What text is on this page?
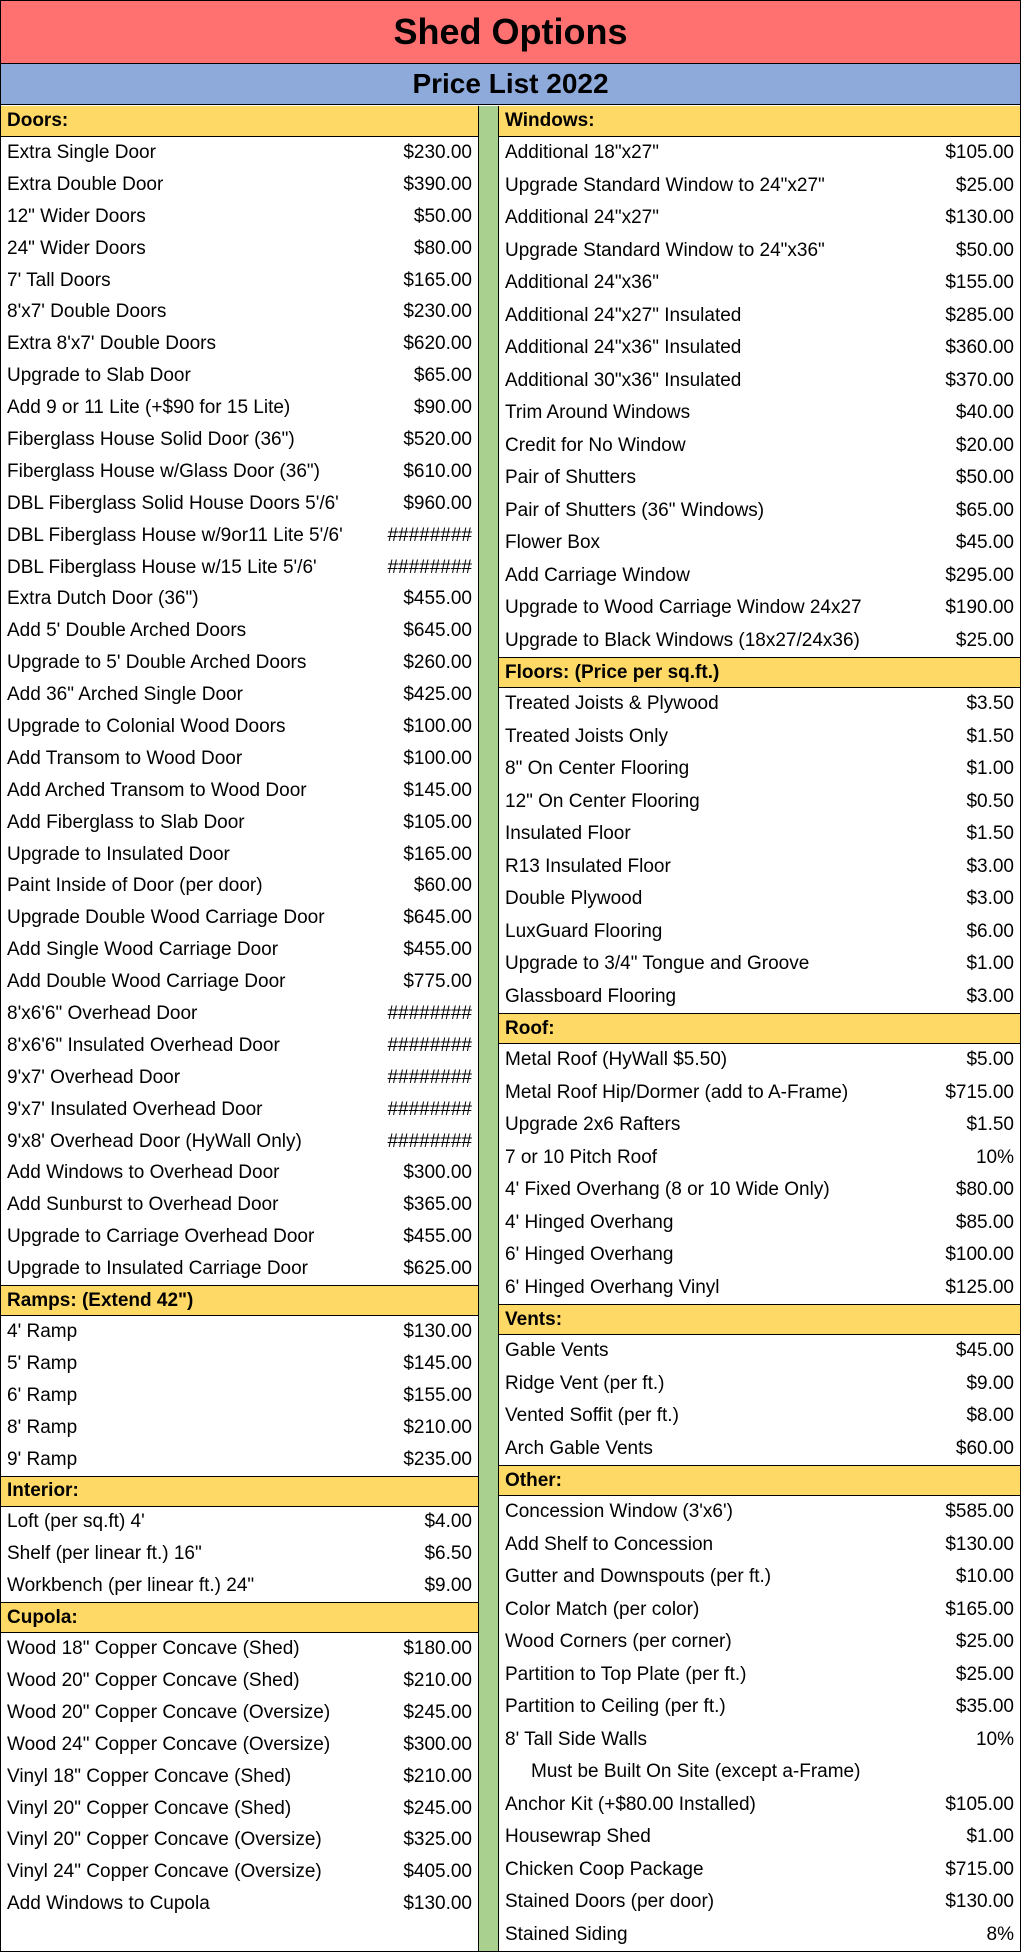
Shed Options
Price List 2022
Doors:
Extra Single Door	$230.00
Extra Double Door	$390.00
12" Wider Doors	$50.00
24" Wider Doors	$80.00
7' Tall Doors	$165.00
8'x7' Double Doors	$230.00
Extra 8'x7' Double Doors	$620.00
Upgrade to Slab Door	$65.00
Add 9 or 11 Lite (+$90 for 15 Lite)	$90.00
Fiberglass House Solid Door (36")	$520.00
Fiberglass House w/Glass Door (36")	$610.00
DBL Fiberglass Solid House Doors 5'/6'	$960.00
DBL Fiberglass House w/9or11 Lite 5'/6' ########
DBL Fiberglass House w/15 Lite 5'/6'	########
Extra Dutch Door (36")	$455.00
Add 5' Double Arched Doors	$645.00
Upgrade to 5' Double Arched Doors	$260.00
Add 36" Arched Single Door	$425.00
Upgrade to Colonial Wood Doors	$100.00
Add Transom to Wood Door	$100.00
Add Arched Transom to Wood Door	$145.00
Add Fiberglass to Slab Door	$105.00
Upgrade to Insulated Door	$165.00
Paint Inside of Door (per door)	$60.00
Upgrade Double Wood Carriage Door	$645.00
Add Single Wood Carriage Door	$455.00
Add Double Wood Carriage Door	$775.00
8'x6'6" Overhead Door	########
8'x6'6" Insulated Overhead Door	########
9'x7' Overhead Door	########
9'x7' Insulated Overhead Door	########
9'x8' Overhead Door (HyWall Only)	########
Add Windows to Overhead Door	$300.00
Add Sunburst to Overhead Door	$365.00
Upgrade to Carriage Overhead Door	$455.00
Upgrade to Insulated Carriage Door	$625.00
Ramps: (Extend 42")
4' Ramp	$130.00
5' Ramp	$145.00
6' Ramp	$155.00
8' Ramp	$210.00
9' Ramp	$235.00
Interior:
Loft (per sq.ft) 4'	$4.00
Shelf (per linear ft.) 16"	$6.50
Workbench (per linear ft.) 24"	$9.00
Cupola:
Wood 18" Copper Concave (Shed)	$180.00
Wood 20" Copper Concave (Shed)	$210.00
Wood 20" Copper Concave (Oversize)	$245.00
Wood 24" Copper Concave (Oversize)	$300.00
Vinyl 18" Copper Concave (Shed)	$210.00
Vinyl 20" Copper Concave (Shed)	$245.00
Vinyl 20" Copper Concave (Oversize)	$325.00
Vinyl 24" Copper Concave (Oversize)	$405.00
Add Windows to Cupola	$130.00
Windows:
Additional 18"x27"	$105.00
Upgrade Standard Window to 24"x27"	$25.00
Additional 24"x27"	$130.00
Upgrade Standard Window to 24"x36"	$50.00
Additional 24"x36"	$155.00
Additional 24"x27" Insulated	$285.00
Additional 24"x36" Insulated	$360.00
Additional 30"x36" Insulated	$370.00
Trim Around Windows	$40.00
Credit for No Window	$20.00
Pair of Shutters	$50.00
Pair of Shutters (36" Windows)	$65.00
Flower Box	$45.00
Add Carriage Window	$295.00
Upgrade to Wood Carriage Window 24x27	$190.00
Upgrade to Black Windows (18x27/24x36)	$25.00
Floors: (Price per sq.ft.)
Treated Joists & Plywood	$3.50
Treated Joists Only	$1.50
8" On Center Flooring	$1.00
12" On Center Flooring	$0.50
Insulated Floor	$1.50
R13 Insulated Floor	$3.00
Double Plywood	$3.00
LuxGuard Flooring	$6.00
Upgrade to 3/4" Tongue and Groove	$1.00
Glassboard Flooring	$3.00
Roof:
Metal Roof (HyWall $5.50)	$5.00
Metal Roof Hip/Dormer (add to A-Frame)	$715.00
Upgrade 2x6 Rafters	$1.50
7 or 10 Pitch Roof	10%
4' Fixed Overhang (8 or 10 Wide Only)	$80.00
4' Hinged Overhang	$85.00
6' Hinged Overhang	$100.00
6' Hinged Overhang Vinyl	$125.00
Vents:
Gable Vents	$45.00
Ridge Vent (per ft.)	$9.00
Vented Soffit (per ft.)	$8.00
Arch Gable Vents	$60.00
Other:
Concession Window (3'x6')	$585.00
Add Shelf to Concession	$130.00
Gutter and Downspouts (per ft.)	$10.00
Color Match (per color)	$165.00
Wood Corners (per corner)	$25.00
Partition to Top Plate (per ft.)	$25.00
Partition to Ceiling (per ft.)	$35.00
8' Tall Side Walls	10%
Must be Built On Site (except a-Frame)
Anchor Kit (+$80.00 Installed)	$105.00
Housewrap Shed	$1.00
Chicken Coop Package	$715.00
Stained Doors (per door)	$130.00
Stained Siding	8%
